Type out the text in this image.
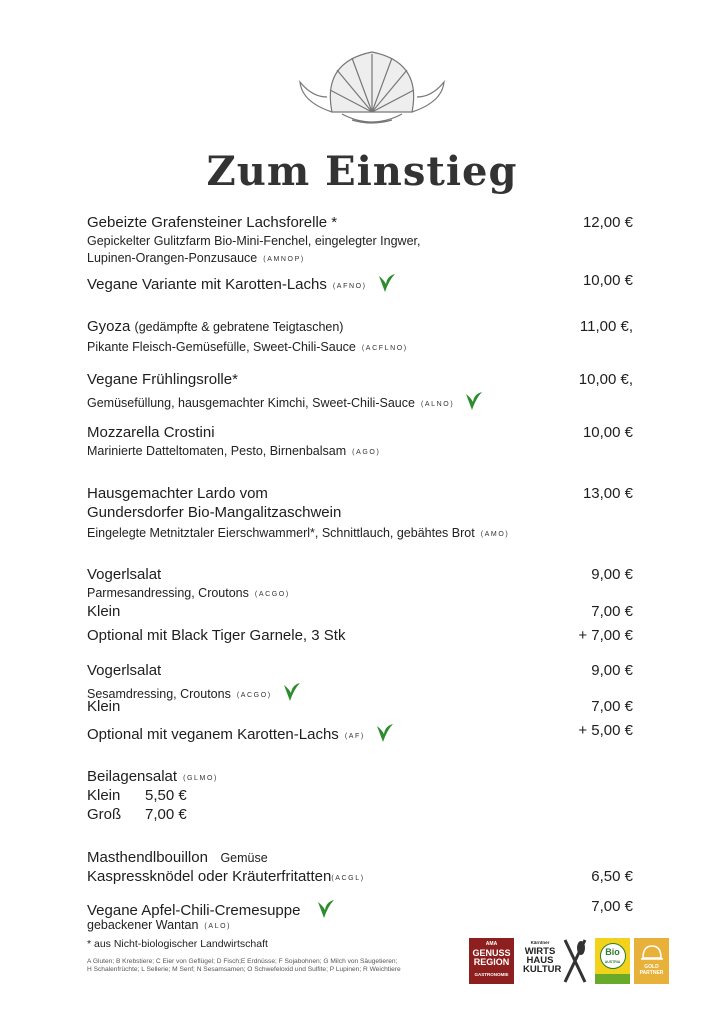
Zum Einstieg
Gebeizte Grafensteiner Lachsforelle *	12,00 €
Gepickelter Gulitzfarm Bio-Mini-Fenchel, eingelegter Ingwer,
Lupinen-Orangen-Ponzusauce (AMNOP)
Vegane Variante mit Karotten-Lachs (AFNO)	10,00 €
Gyoza (gedämpfte & gebratene Teigtaschen)	11,00 €,
Pikante Fleisch-Gemüsefülle, Sweet-Chili-Sauce (ACFLNO)
Vegane Frühlingsrolle*	10,00 €,
Gemüsefüllung, hausgemachter Kimchi, Sweet-Chili-Sauce (ALNO)
Mozzarella Crostini	10,00 €
Marinierte Datteltomaten, Pesto, Birnenbalsam (AGO)
Hausgemachter Lardo vom	13,00 €
Gundersdorfer Bio-Mangalitzaschwein
Eingelegte Metnitztaler Eierschwammerl*, Schnittlauch, gebähtes Brot (AMO)
Vogerlsalat	9,00 €
Parmesandressing, Croutons (ACGO)
Klein	7,00 €
Optional mit Black Tiger Garnele, 3 Stk	+ 7,00 €
Vogerlsalat	9,00 €
Sesamdressing, Croutons (ACGO)
Klein	7,00 €
Optional mit veganem Karotten-Lachs (AF)	+ 5,00 €
Beilagensalat (GLMO)
Klein 5,50 €
Groß 7,00 €
Masthendlbouillon Gemüse
Kaspressknödel oder Kräuterfritatten(ACGL)	6,50 €
Vegane Apfel-Chili-Cremesuppe	7,00 €
gebackener Wantan (ALO)
* aus Nicht-biologischer Landwirtschaft
A Gluten; B Krebstiere; C Eier von Geflügel; D Fisch;E Erdnüsse; F Sojabohnen; G Milch von Säugetieren;
H Schalenfrüchte; L Sellerie; M Senf; N Sesamsamen; O Schwefeloxid und Sulfite; P Lupinen; R Weichtiere
AMA
GENUSS
REGION
GASTRONOMIE
Kärntner
WIRTS
HAUS
KULTUR
Bio
AUSTRIA
GOLD
PARTNER
